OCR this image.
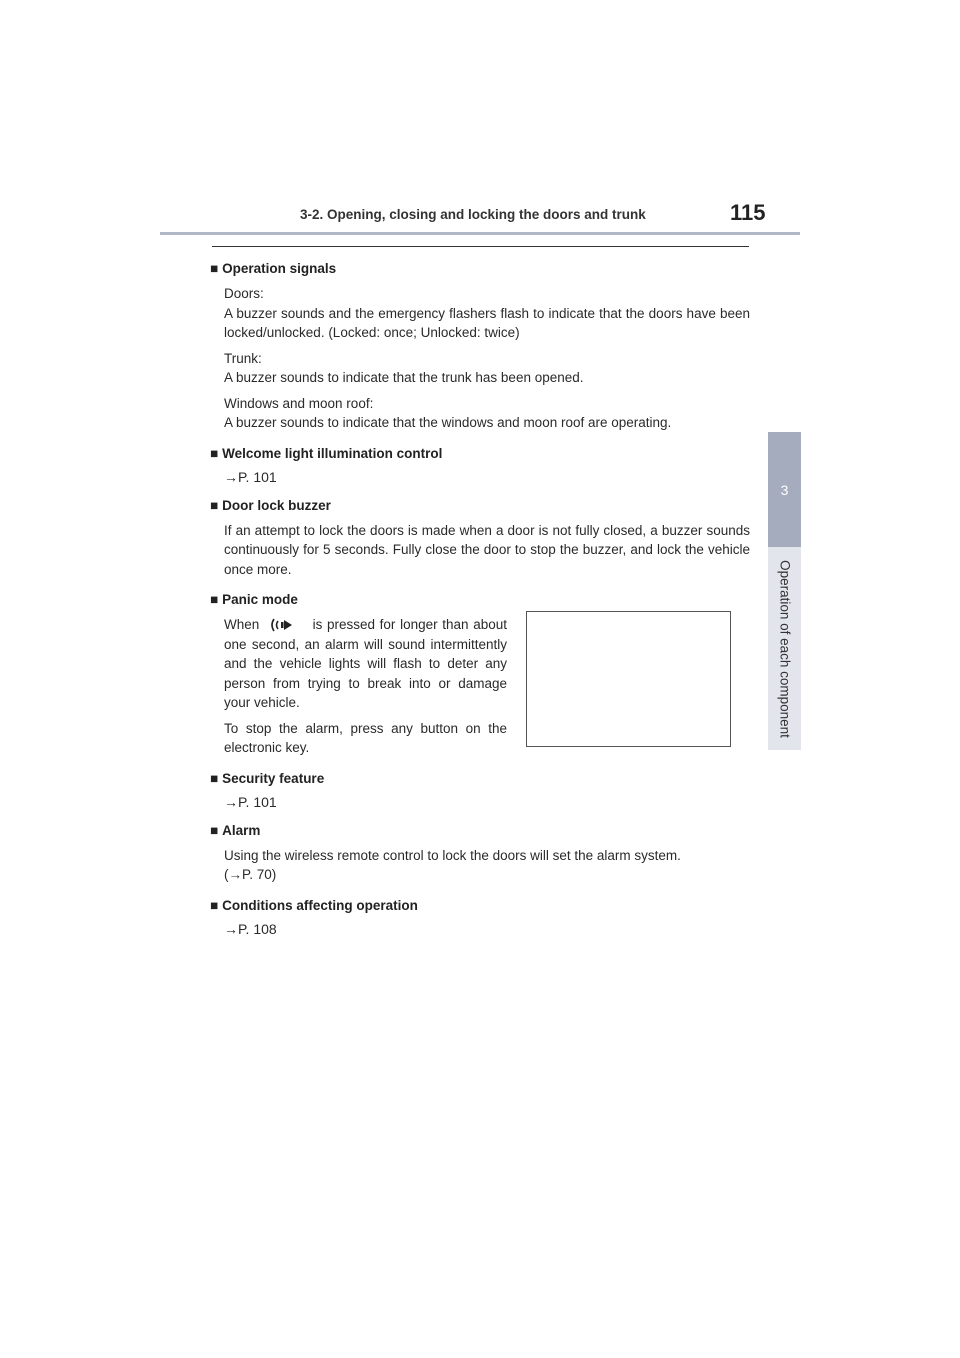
3-2. Opening, closing and locking the doors and trunk	115
3
Operation of each component
■ Operation signals
Doors:
A buzzer sounds and the emergency flashers flash to indicate that the doors have been locked/unlocked. (Locked: once; Unlocked: twice)
Trunk:
A buzzer sounds to indicate that the trunk has been opened.
Windows and moon roof:
A buzzer sounds to indicate that the windows and moon roof are operating.
■ Welcome light illumination control
→P. 101
■ Door lock buzzer
If an attempt to lock the doors is made when a door is not fully closed, a buzzer sounds continuously for 5 seconds. Fully close the door to stop the buzzer, and lock the vehicle once more.
■ Panic mode
When	is pressed for longer than about one second, an alarm will sound intermittently and the vehicle lights will flash to deter any person from trying to break into or damage your vehicle.
To stop the alarm, press any button on the electronic key.
■ Security feature
→P. 101
■ Alarm
Using the wireless remote control to lock the doors will set the alarm system.
(→P. 70)
■ Conditions affecting operation
→P. 108
